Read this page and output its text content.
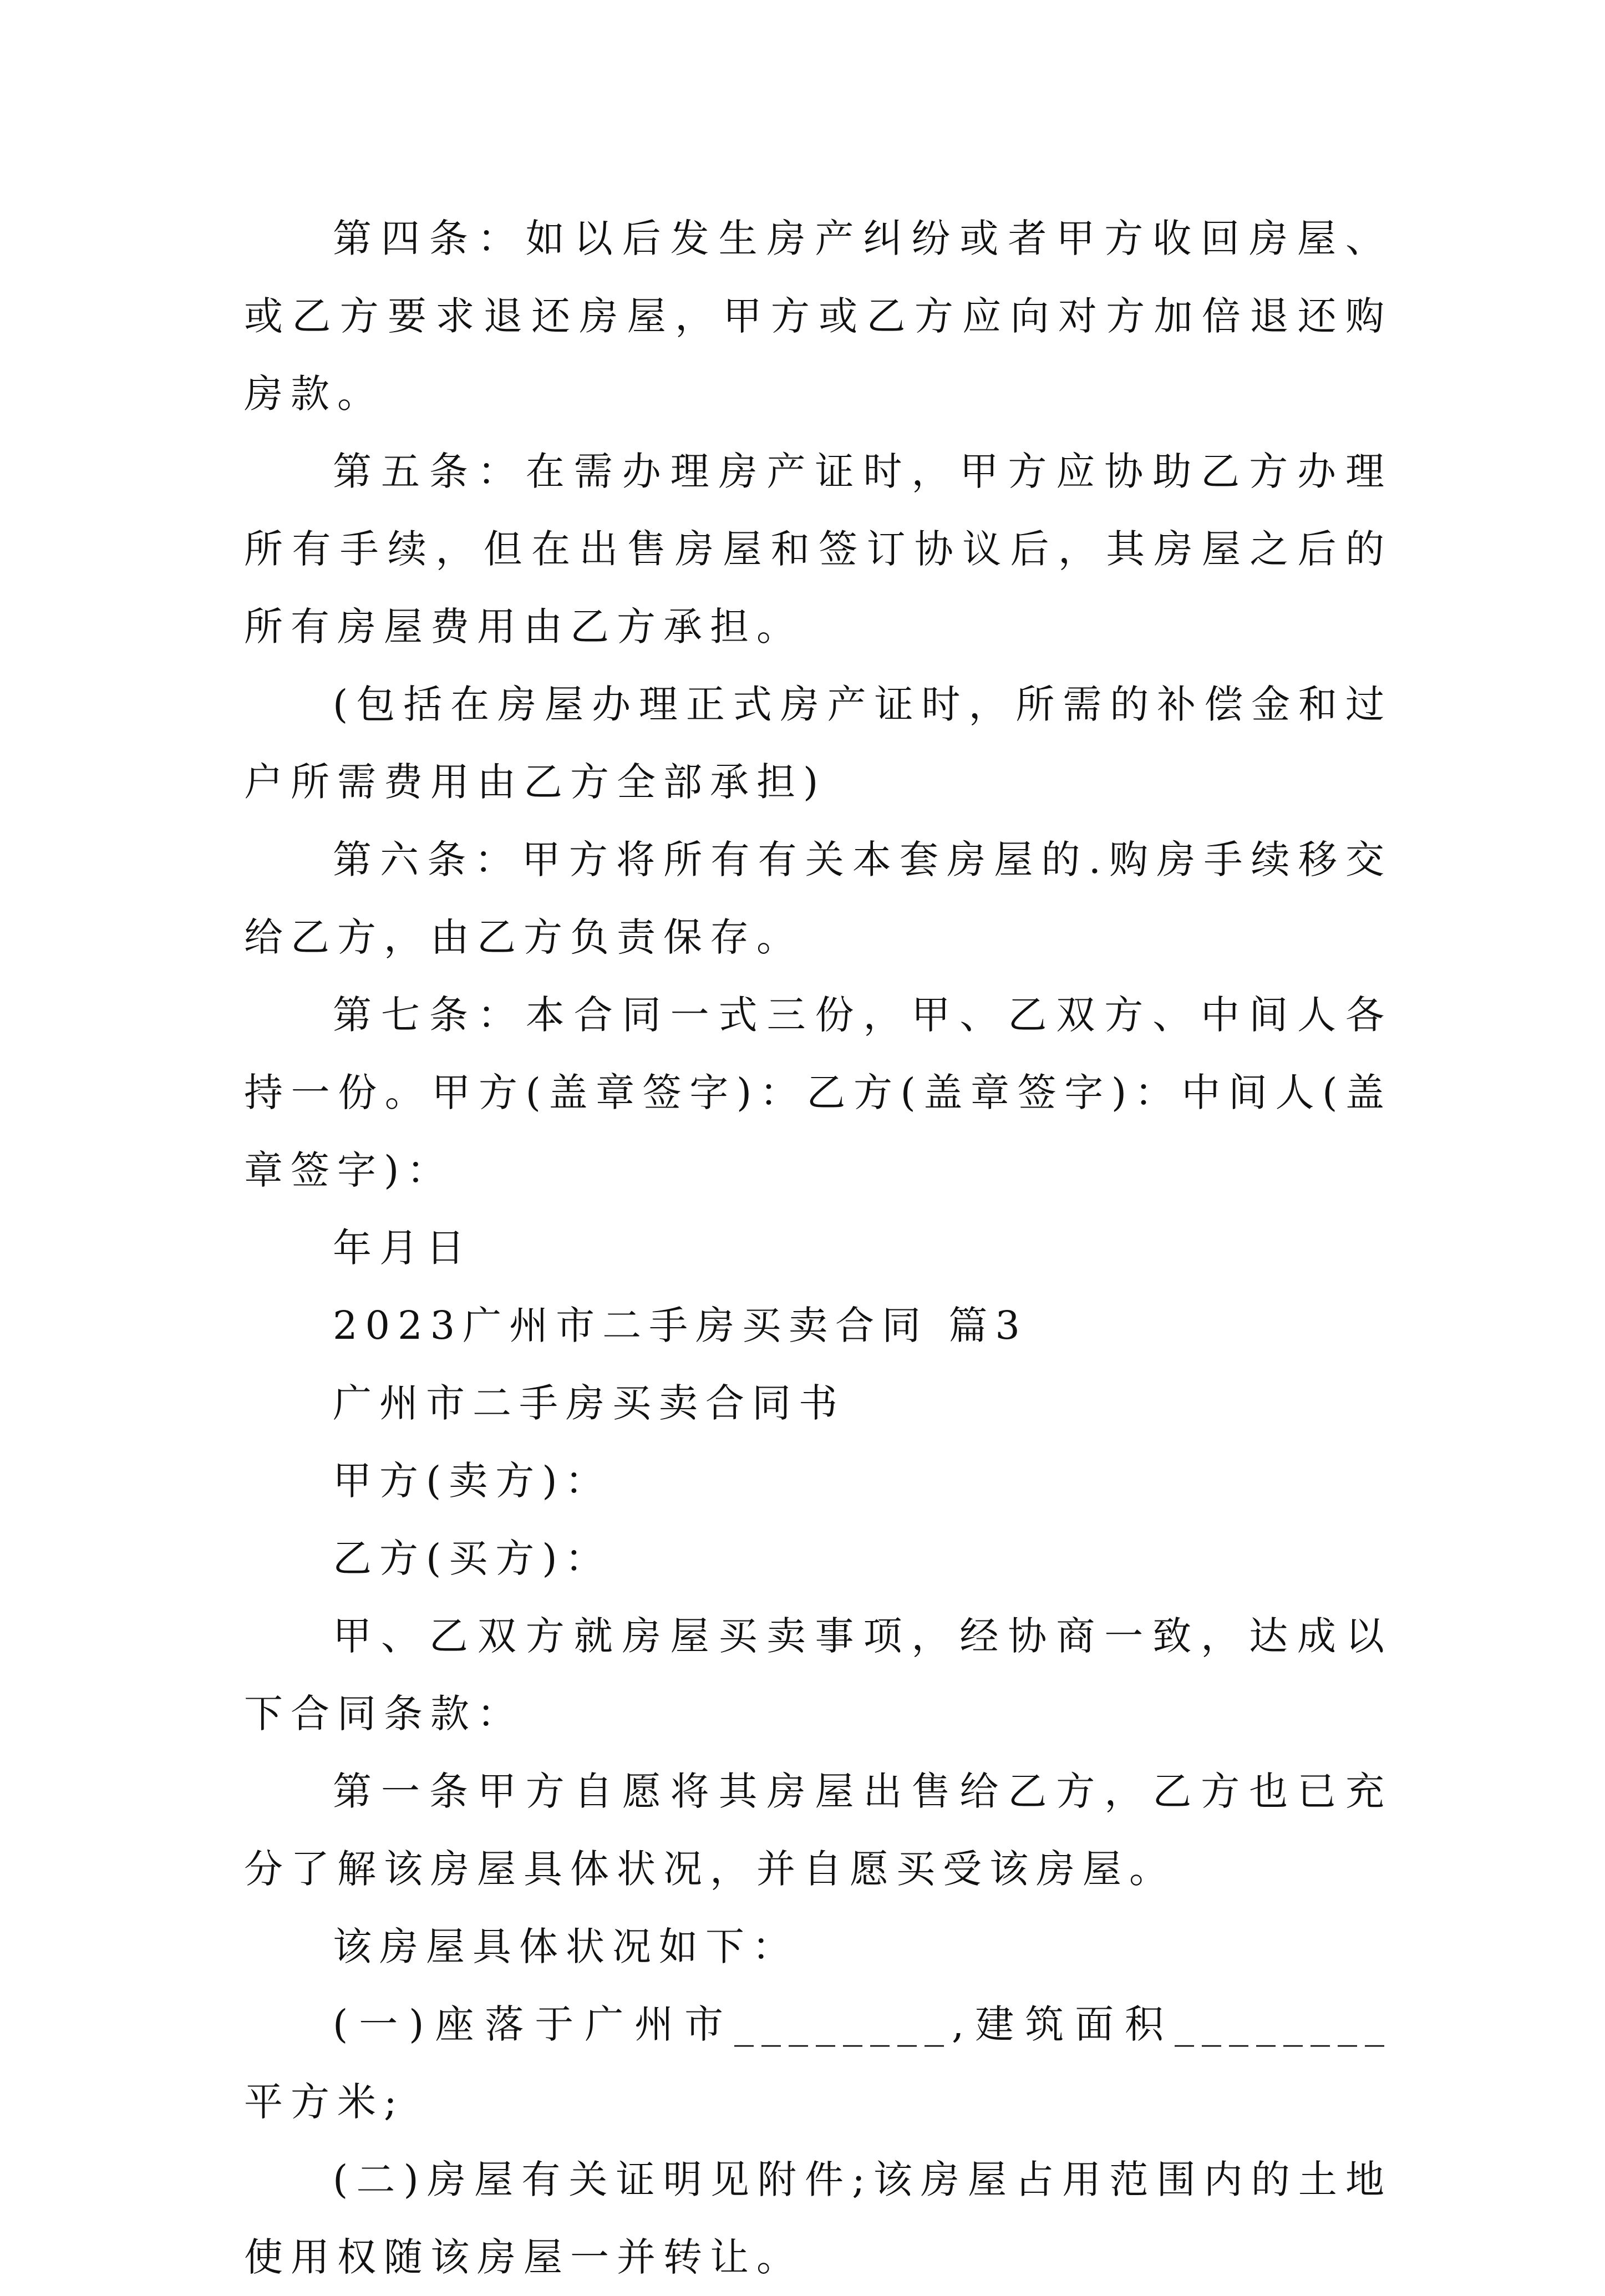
第四条：如以后发生房产纠纷或者甲方收回房屋、或乙方要求退还房屋，甲方或乙方应向对方加倍退还购房款。

第五条：在需办理房产证时，甲方应协助乙方办理所有手续，但在出售房屋和签订协议后，其房屋之后的所有房屋费用由乙方承担。

(包括在房屋办理正式房产证时，所需的补偿金和过户所需费用由乙方全部承担)

第六条：甲方将所有有关本套房屋的.购房手续移交给乙方，由乙方负责保存。

第七条：本合同一式三份，甲、乙双方、中间人各持一份。甲方(盖章签字)：乙方(盖章签字)：中间人(盖章签字)：

年月日

2023广州市二手房买卖合同 篇3

广州市二手房买卖合同书

甲方(卖方)：

乙方(买方)：

甲、乙双方就房屋买卖事项，经协商一致，达成以下合同条款：

第一条甲方自愿将其房屋出售给乙方，乙方也已充分了解该房屋具体状况，并自愿买受该房屋。

该房屋具体状况如下：

(一)座落于广州市________,建筑面积________平方米;

(二)房屋有关证明见附件;该房屋占用范围内的土地使用权随该房屋一并转让。
